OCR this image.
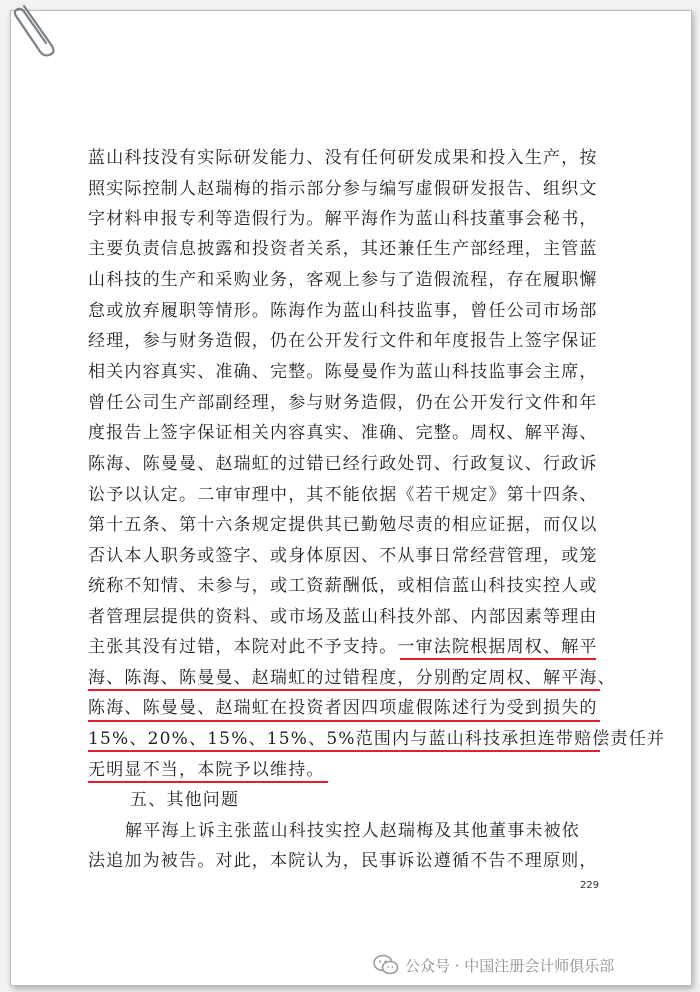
蓝山科技没有实际研发能力、没有任何研发成果和投入生产，按
照实际控制人赵瑞梅的指示部分参与编写虚假研发报告、组织文
字材料申报专利等造假行为。解平海作为蓝山科技董事会秘书，
主要负责信息披露和投资者关系，其还兼任生产部经理，主管蓝
山科技的生产和采购业务，客观上参与了造假流程，存在履职懈
怠或放弃履职等情形。陈海作为蓝山科技监事，曾任公司市场部
经理，参与财务造假，仍在公开发行文件和年度报告上签字保证
相关内容真实、准确、完整。陈曼曼作为蓝山科技监事会主席，
曾任公司生产部副经理，参与财务造假，仍在公开发行文件和年
度报告上签字保证相关内容真实、准确、完整。周权、解平海、
陈海、陈曼曼、赵瑞虹的过错已经行政处罚、行政复议、行政诉
讼予以认定。二审审理中，其不能依据《若干规定》第十四条、
第十五条、第十六条规定提供其已勤勉尽责的相应证据，而仅以
否认本人职务或签字、或身体原因、不从事日常经营管理，或笼
统称不知情、未参与，或工资薪酬低，或相信蓝山科技实控人或
者管理层提供的资料、或市场及蓝山科技外部、内部因素等理由
主张其没有过错，本院对此不予支持。一审法院根据周权、解平
海、陈海、陈曼曼、赵瑞虹的过错程度，分别酌定周权、解平海、
陈海、陈曼曼、赵瑞虹在投资者因四项虚假陈述行为受到损失的
15%、20%、15%、15%、5%范围内与蓝山科技承担连带赔偿责任并
无明显不当，本院予以维持。
五、其他问题
解平海上诉主张蓝山科技实控人赵瑞梅及其他董事未被依
法追加为被告。对此，本院认为，民事诉讼遵循不告不理原则，
229
公众号 · 中国注册会计师俱乐部
